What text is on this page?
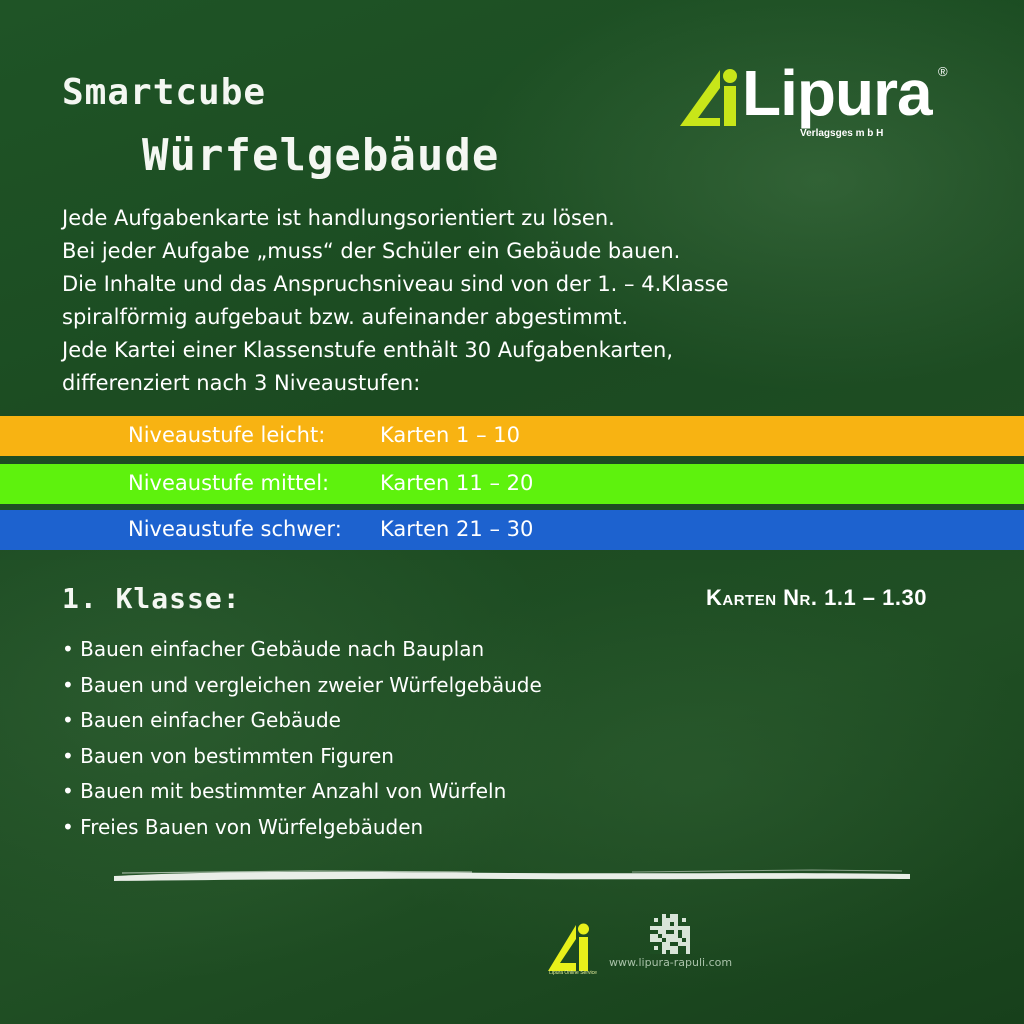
Smartcube
Würfelgebäude
Lipura ®
Verlagsges m b H

Jede Aufgabenkarte ist handlungsorientiert zu lösen.

Bei jeder Aufgabe „muss“ der Schüler ein Gebäude bauen.

Die Inhalte und das Anspruchsniveau sind von der 1. – 4.Klasse

spiralförmig aufgebaut bzw. aufeinander abgestimmt.

Jede Kartei einer Klassenstufe enthält 30 Aufgabenkarten,

differenziert nach 3 Niveaustufen:

Niveaustufe leicht:	Karten 1 – 10
Niveaustufe mittel: Karten 11 – 20
Niveaustufe schwer: Karten 21 – 30
1. Klasse:	Karten Nr. 1.1 – 1.30
• Bauen einfacher Gebäude nach Bauplan
• Bauen und vergleichen zweier Würfelgebäude
• Bauen einfacher Gebäude
• Bauen von bestimmten Figuren
• Bauen mit bestimmter Anzahl von Würfeln
• Freies Bauen von Würfelgebäuden
Lipura Online Service
www.lipura-rapuli.com
